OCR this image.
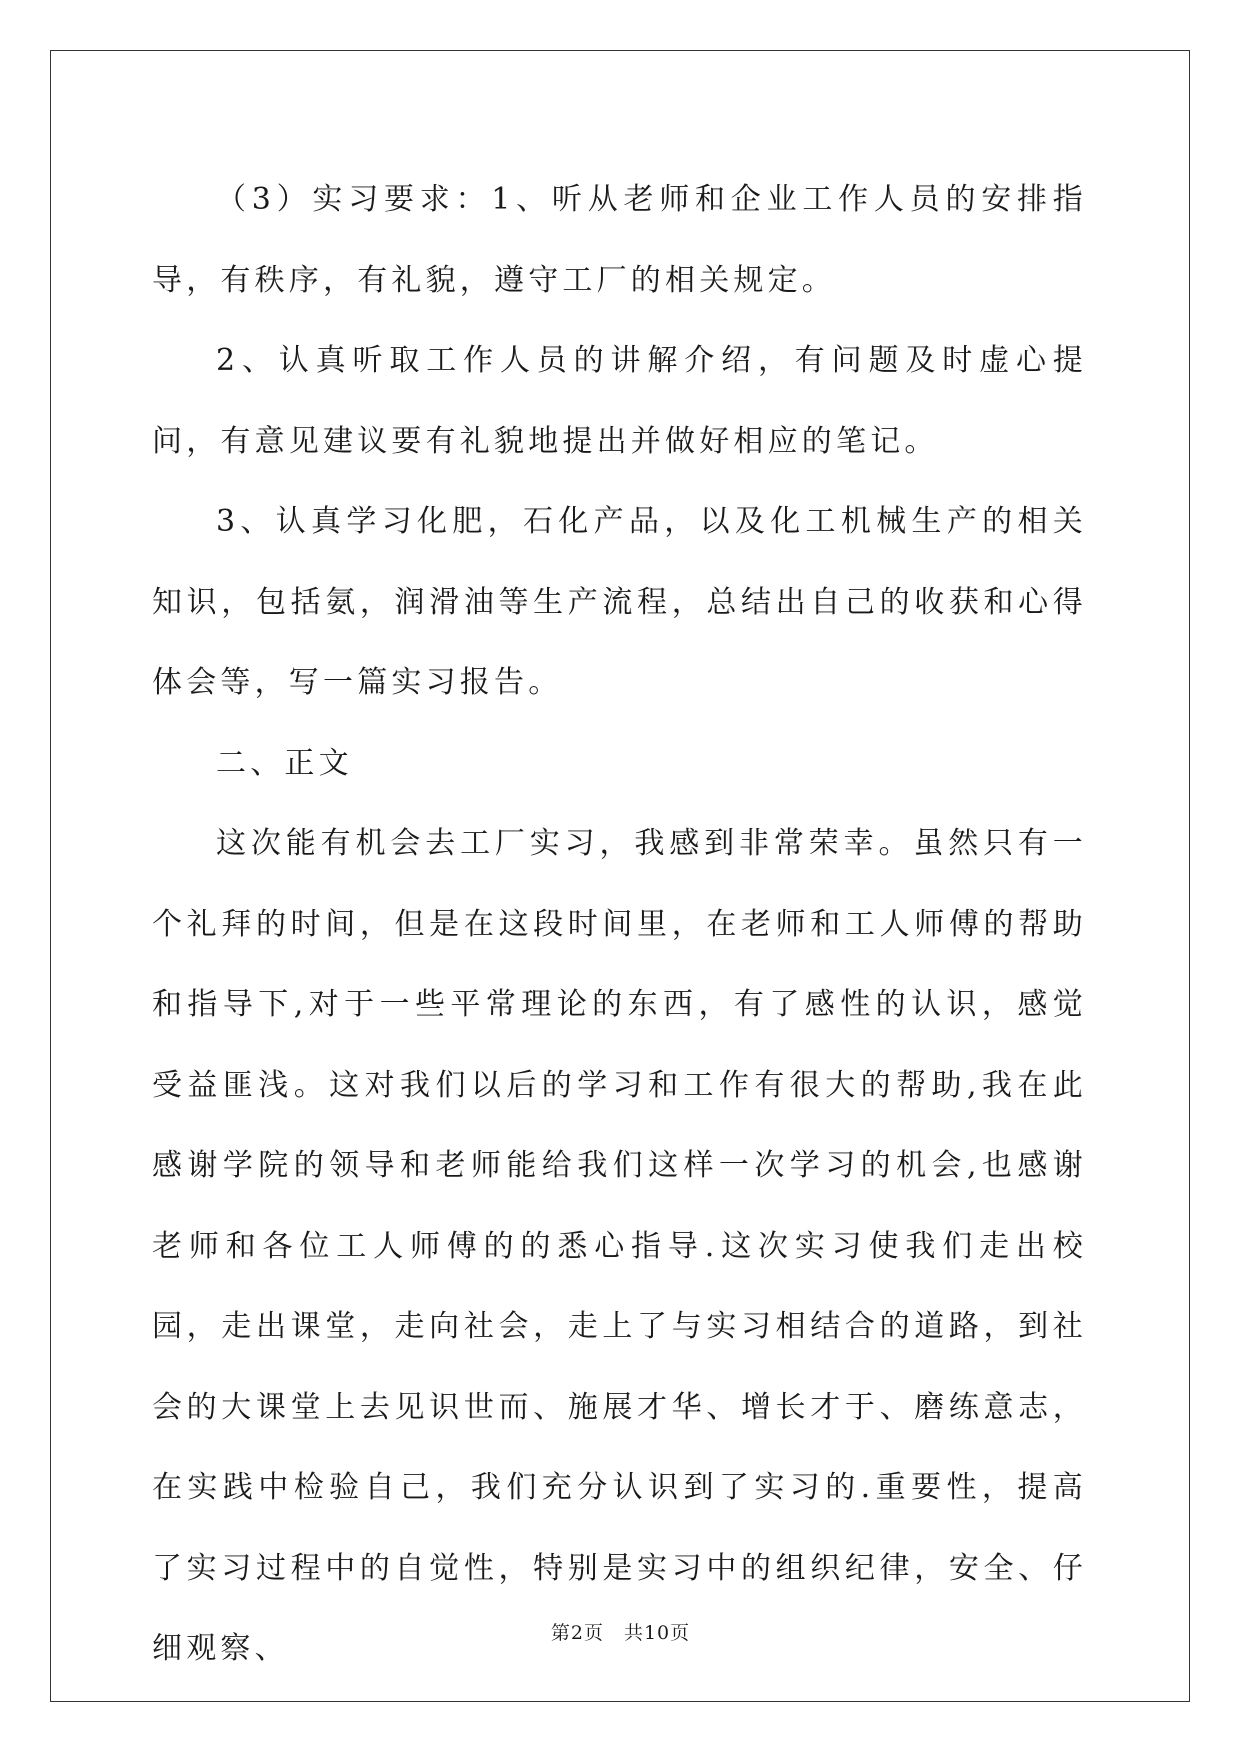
（3）实习要求：1、听从老师和企业工作人员的安排指导，有秩序，有礼貌，遵守工厂的相关规定。

2、认真听取工作人员的讲解介绍，有问题及时虚心提问，有意见建议要有礼貌地提出并做好相应的笔记。

3、认真学习化肥，石化产品，以及化工机械生产的相关知识，包括氨，润滑油等生产流程，总结出自己的收获和心得体会等，写一篇实习报告。

二、正文

这次能有机会去工厂实习，我感到非常荣幸。虽然只有一个礼拜的时间，但是在这段时间里，在老师和工人师傅的帮助和指导下,对于一些平常理论的东西，有了感性的认识，感觉受益匪浅。这对我们以后的学习和工作有很大的帮助,我在此感谢学院的领导和老师能给我们这样一次学习的机会,也感谢老师和各位工人师傅的的悉心指导.这次实习使我们走出校园，走出课堂，走向社会，走上了与实习相结合的道路，到社会的大课堂上去见识世而、施展才华、增长才于、磨练意志，在实践中检验自己，我们充分认识到了实习的.重要性，提高了实习过程中的自觉性，特别是实习中的组织纪律，安全、仔细观察、	第2页　共10页
